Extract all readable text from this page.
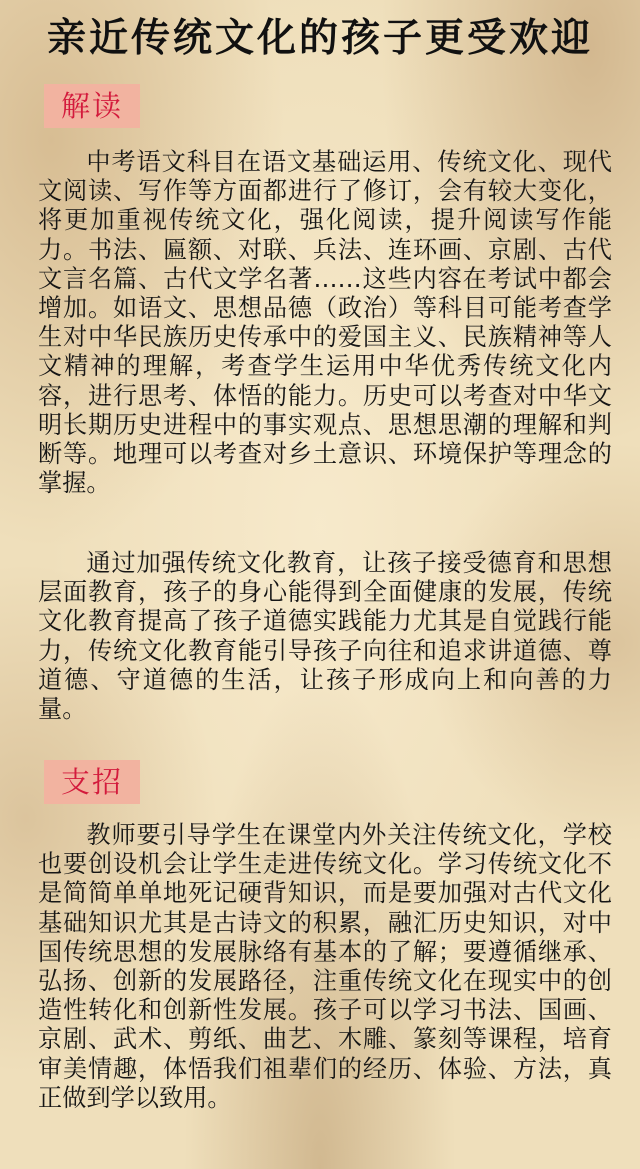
亲近传统文化的孩子更受欢迎
解读

中考语文科目在语文基础运用、传统文化、现代文阅读、写作等方面都进行了修订，会有较大变化，将更加重视传统文化，强化阅读，提升阅读写作能力。书法、匾额、对联、兵法、连环画、京剧、古代文言名篇、古代文学名著……这些内容在考试中都会增加。如语文、思想品德（政治）等科目可能考查学生对中华民族历史传承中的爱国主义、民族精神等人文精神的理解，考查学生运用中华优秀传统文化内容，进行思考、体悟的能力。历史可以考查对中华文明长期历史进程中的事实观点、思想思潮的理解和判断等。地理可以考查对乡土意识、环境保护等理念的掌握。

通过加强传统文化教育，让孩子接受德育和思想层面教育，孩子的身心能得到全面健康的发展，传统文化教育提高了孩子道德实践能力尤其是自觉践行能力，传统文化教育能引导孩子向往和追求讲道德、尊道德、守道德的生活，让孩子形成向上和向善的力量。

支招

教师要引导学生在课堂内外关注传统文化，学校也要创设机会让学生走进传统文化。学习传统文化不是简简单单地死记硬背知识，而是要加强对古代文化基础知识尤其是古诗文的积累，融汇历史知识，对中国传统思想的发展脉络有基本的了解；要遵循继承、弘扬、创新的发展路径，注重传统文化在现实中的创造性转化和创新性发展。孩子可以学习书法、国画、京剧、武术、剪纸、曲艺、木雕、篆刻等课程，培育审美情趣，体悟我们祖辈们的经历、体验、方法，真正做到学以致用。
